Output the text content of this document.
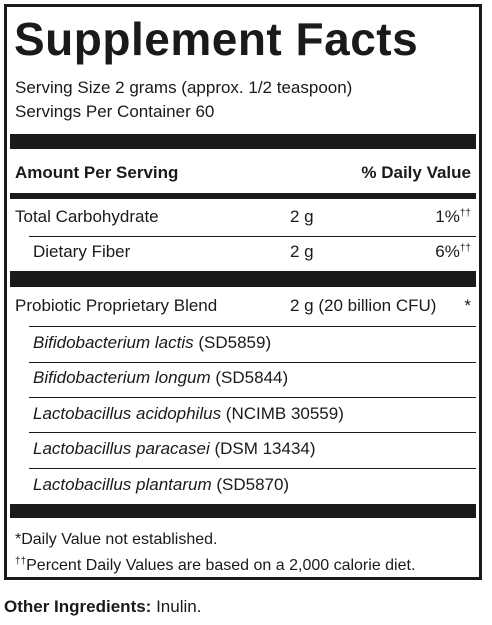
Supplement Facts
Serving Size 2 grams (approx. 1/2 teaspoon)
Servings Per Container 60
Amount Per Serving	% Daily Value
Total Carbohydrate	2 g	1%††
Dietary Fiber	2 g	6%††
Probiotic Proprietary Blend	2 g (20 billion CFU) *
Bifidobacterium lactis (SD5859)
Bifidobacterium longum (SD5844)
Lactobacillus acidophilus (NCIMB 30559)
Lactobacillus paracasei (DSM 13434)
Lactobacillus plantarum (SD5870)
*Daily Value not established.
††Percent Daily Values are based on a 2,000 calorie diet.
Other Ingredients: Inulin.
